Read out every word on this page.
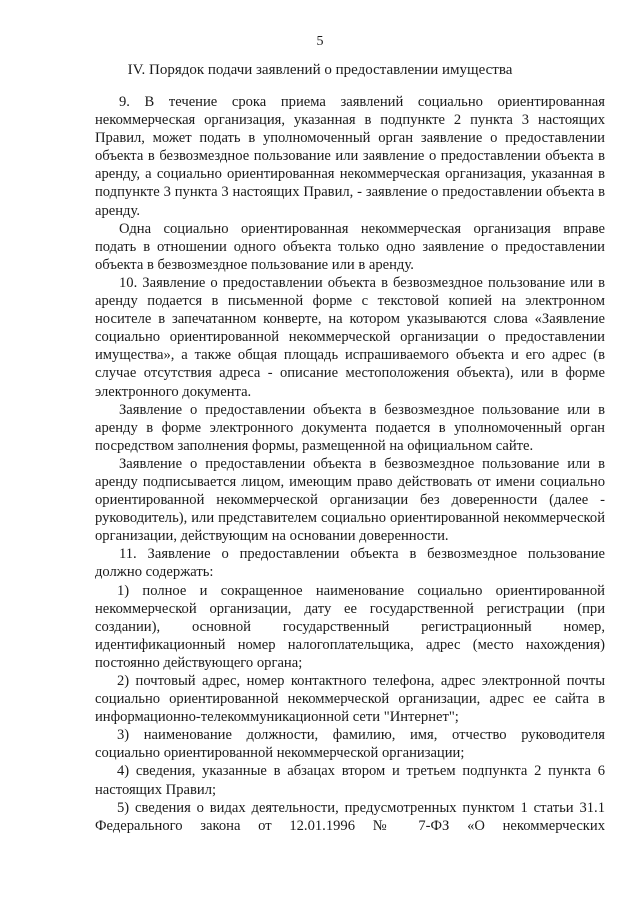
5
IV. Порядок подачи заявлений о предоставлении имущества

9. В течение срока приема заявлений социально ориентированная некоммерческая организация, указанная в подпункте 2 пункта 3 настоящих Правил, может подать в уполномоченный орган заявление о предоставлении объекта в безвозмездное пользование или заявление о предоставлении объекта в аренду, а социально ориентированная некоммерческая организация, указанная в подпункте 3 пункта 3 настоящих Правил, - заявление о предоставлении объекта в аренду.

Одна социально ориентированная некоммерческая организация вправе подать в отношении одного объекта только одно заявление о предоставлении объекта в безвозмездное пользование или в аренду.

10. Заявление о предоставлении объекта в безвозмездное пользование или в аренду подается в письменной форме с текстовой копией на электронном носителе в запечатанном конверте, на котором указываются слова «Заявление социально ориентированной некоммерческой организации о предоставлении имущества», а также общая площадь испрашиваемого объекта и его адрес (в случае отсутствия адреса - описание местоположения объекта), или в форме электронного документа.

Заявление о предоставлении объекта в безвозмездное пользование или в аренду в форме электронного документа подается в уполномоченный орган посредством заполнения формы, размещенной на официальном сайте.

Заявление о предоставлении объекта в безвозмездное пользование или в аренду подписывается лицом, имеющим право действовать от имени социально ориентированной некоммерческой организации без доверенности (далее - руководитель), или представителем социально ориентированной некоммерческой организации, действующим на основании доверенности.

11. Заявление о предоставлении объекта в безвозмездное пользование должно содержать:

1) полное и сокращенное наименование социально ориентированной некоммерческой организации, дату ее государственной регистрации (при создании), основной государственный регистрационный номер, идентификационный номер налогоплательщика, адрес (место нахождения) постоянно действующего органа;

2) почтовый адрес, номер контактного телефона, адрес электронной почты социально ориентированной некоммерческой организации, адрес ее сайта в информационно-телекоммуникационной сети "Интернет";

3) наименование должности, фамилию, имя, отчество руководителя социально ориентированной некоммерческой организации;

4) сведения, указанные в абзацах втором и третьем подпункта 2 пункта 6 настоящих Правил;

5) сведения о видах деятельности, предусмотренных пунктом 1 статьи 31.1 Федерального закона от 12.01.1996 № 7-ФЗ «О некоммерческих
